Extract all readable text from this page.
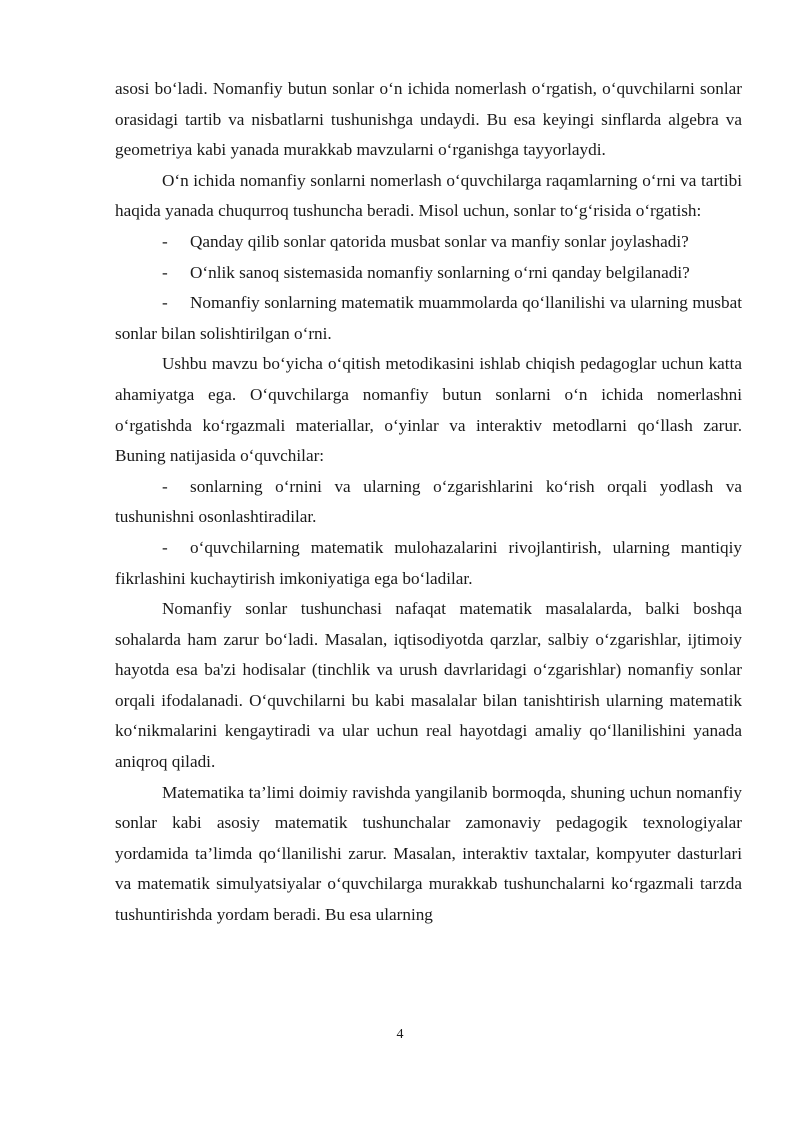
asosi bo‘ladi. Nomanfiy butun sonlar o‘n ichida nomerlash o‘rgatish, o‘quvchilarni sonlar orasidagi tartib va nisbatlarni tushunishga undaydi. Bu esa keyingi sinflarda algebra va geometriya kabi yanada murakkab mavzularni o‘rganishga tayyorlaydi.

O‘n ichida nomanfiy sonlarni nomerlash o‘quvchilarga raqamlarning o‘rni va tartibi haqida yanada chuqurroq tushuncha beradi. Misol uchun, sonlar to‘g‘risida o‘rgatish:

- Qanday qilib sonlar qatorida musbat sonlar va manfiy sonlar joylashadi?

- O‘nlik sanoq sistemasida nomanfiy sonlarning o‘rni qanday belgilanadi?

- Nomanfiy sonlarning matematik muammolarda qo‘llanilishi va ularning musbat sonlar bilan solishtirilgan o‘rni.

Ushbu mavzu bo‘yicha o‘qitish metodikasini ishlab chiqish pedagoglar uchun katta ahamiyatga ega. O‘quvchilarga nomanfiy butun sonlarni o‘n ichida nomerlashni o‘rgatishda ko‘rgazmali materiallar, o‘yinlar va interaktiv metodlarni qo‘llash zarur. Buning natijasida o‘quvchilar:

- sonlarning o‘rnini va ularning o‘zgarishlarini ko‘rish orqali yodlash va tushunishni osonlashtiradilar.

- o‘quvchilarning matematik mulohazalarini rivojlantirish, ularning mantiqiy fikrlashini kuchaytirish imkoniyatiga ega bo‘ladilar.

Nomanfiy sonlar tushunchasi nafaqat matematik masalalarda, balki boshqa sohalarda ham zarur bo‘ladi. Masalan, iqtisodiyotda qarzlar, salbiy o‘zgarishlar, ijtimoiy hayotda esa ba'zi hodisalar (tinchlik va urush davrlaridagi o‘zgarishlar) nomanfiy sonlar orqali ifodalanadi. O‘quvchilarni bu kabi masalalar bilan tanishtirish ularning matematik ko‘nikmalarini kengaytiradi va ular uchun real hayotdagi amaliy qo‘llanilishini yanada aniqroq qiladi.

Matematika ta’limi doimiy ravishda yangilanib bormoqda, shuning uchun nomanfiy sonlar kabi asosiy matematik tushunchalar zamonaviy pedagogik texnologiyalar yordamida ta’limda qo‘llanilishi zarur. Masalan, interaktiv taxtalar, kompyuter dasturlari va matematik simulyatsiyalar o‘quvchilarga murakkab tushunchalarni ko‘rgazmali tarzda tushuntirishda yordam beradi. Bu esa ularning

4
